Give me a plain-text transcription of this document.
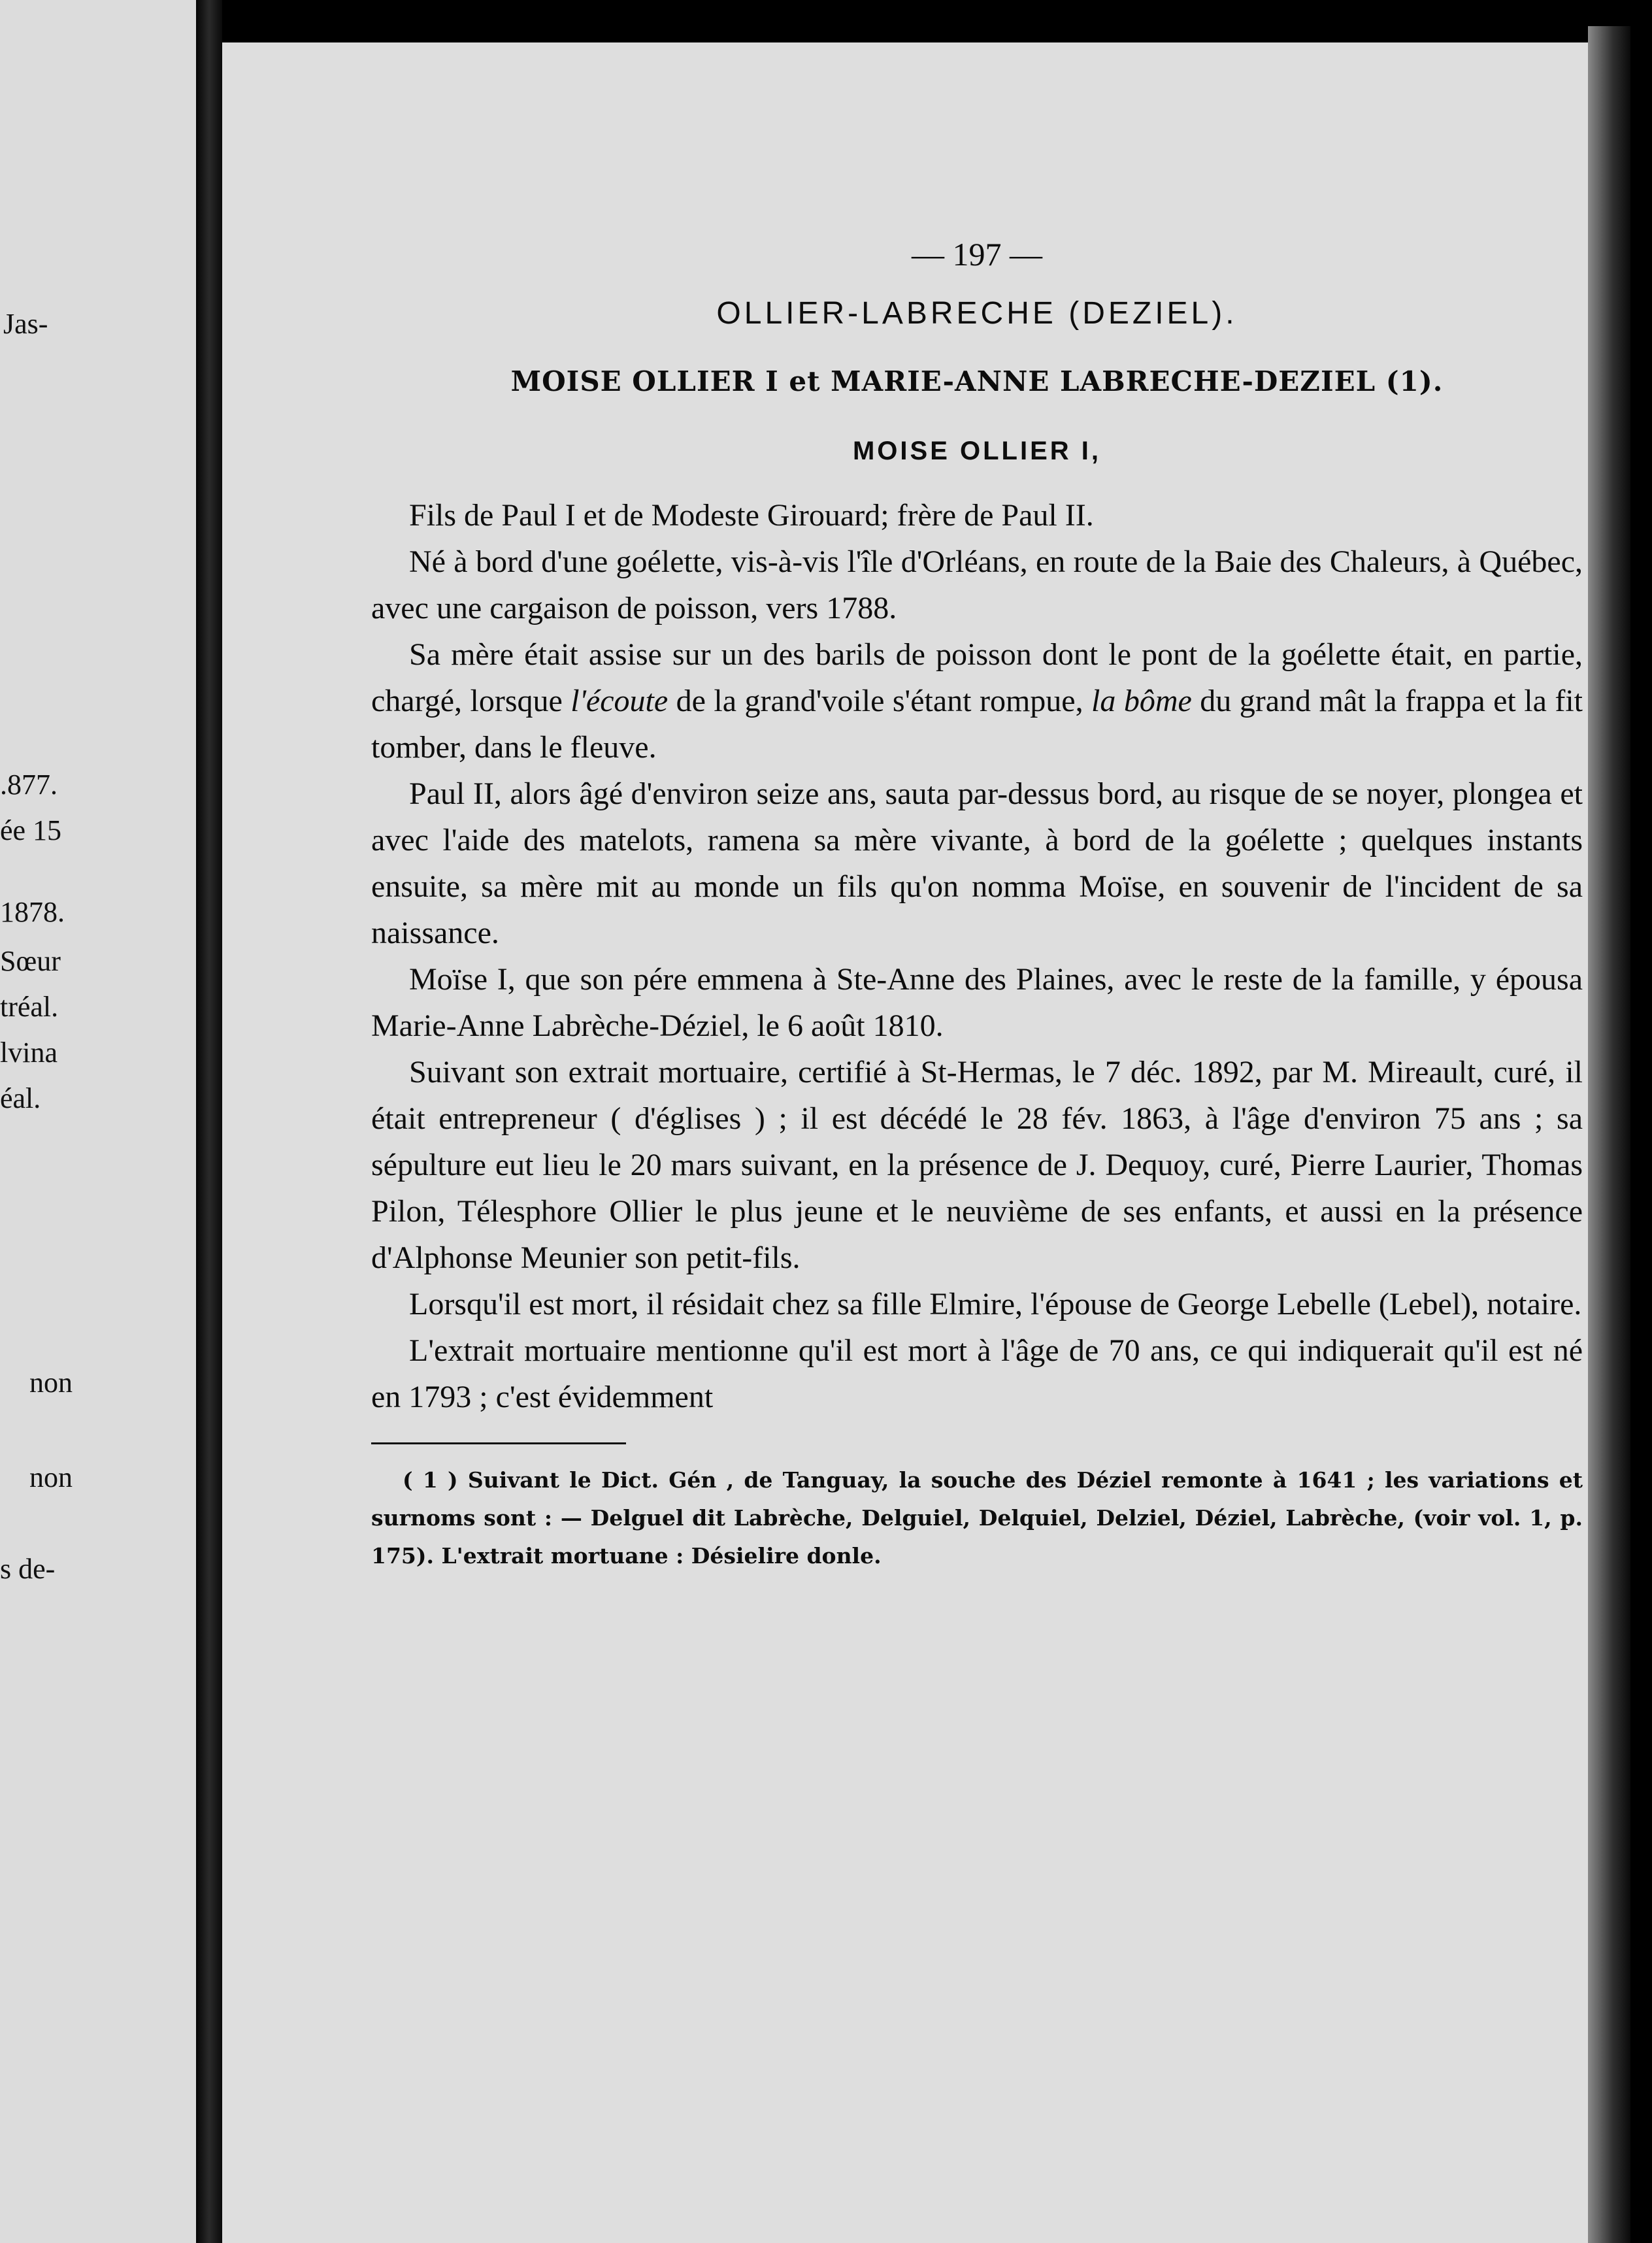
Jas-
.877.
ée 15
1878.
Sœur
tréal.
lvina
éal.
non
non
s de-
— 197 —
OLLIER-LABRECHE (DEZIEL).
MOISE OLLIER I et MARIE-ANNE LABRECHE-DEZIEL (1).
MOISE OLLIER I,

Fils de Paul I et de Modeste Girouard; frère de Paul II.

Né à bord d'une goélette, vis-à-vis l'île d'Orléans, en route de la Baie des Chaleurs, à Québec, avec une cargaison de poisson, vers 1788.

Sa mère était assise sur un des barils de poisson dont le pont de la goélette était, en partie, chargé, lorsque l'écoute de la grand'voile s'étant rompue, la bôme du grand mât la frappa et la fit tomber, dans le fleuve.

Paul II, alors âgé d'environ seize ans, sauta par-dessus bord, au risque de se noyer, plongea et avec l'aide des matelots, ramena sa mère vivante, à bord de la goélette ; quelques instants ensuite, sa mère mit au monde un fils qu'on nomma Moïse, en souvenir de l'incident de sa naissance.

Moïse I, que son pére emmena à Ste-Anne des Plaines, avec le reste de la famille, y épousa Marie-Anne Labrèche-Déziel, le 6 août 1810.

Suivant son extrait mortuaire, certifié à St-Hermas, le 7 déc. 1892, par M. Mireault, curé, il était entrepreneur ( d'églises ) ; il est décédé le 28 fév. 1863, à l'âge d'environ 75 ans ; sa sépulture eut lieu le 20 mars suivant, en la présence de J. Dequoy, curé, Pierre Laurier, Thomas Pilon, Télesphore Ollier le plus jeune et le neuvième de ses enfants, et aussi en la présence d'Alphonse Meunier son petit-fils.

Lorsqu'il est mort, il résidait chez sa fille Elmire, l'épouse de George Lebelle (Lebel), notaire.

L'extrait mortuaire mentionne qu'il est mort à l'âge de 70 ans, ce qui indiquerait qu'il est né en 1793 ; c'est évidemment

( 1 ) Suivant le Dict. Gén , de Tanguay, la souche des Déziel remonte à 1641 ; les variations et surnoms sont : — Delguel dit Labrèche, Delguiel, Delquiel, Delziel, Déziel, Labrèche, (voir vol. 1, p. 175). L'extrait mortuane : Désielire donle.
